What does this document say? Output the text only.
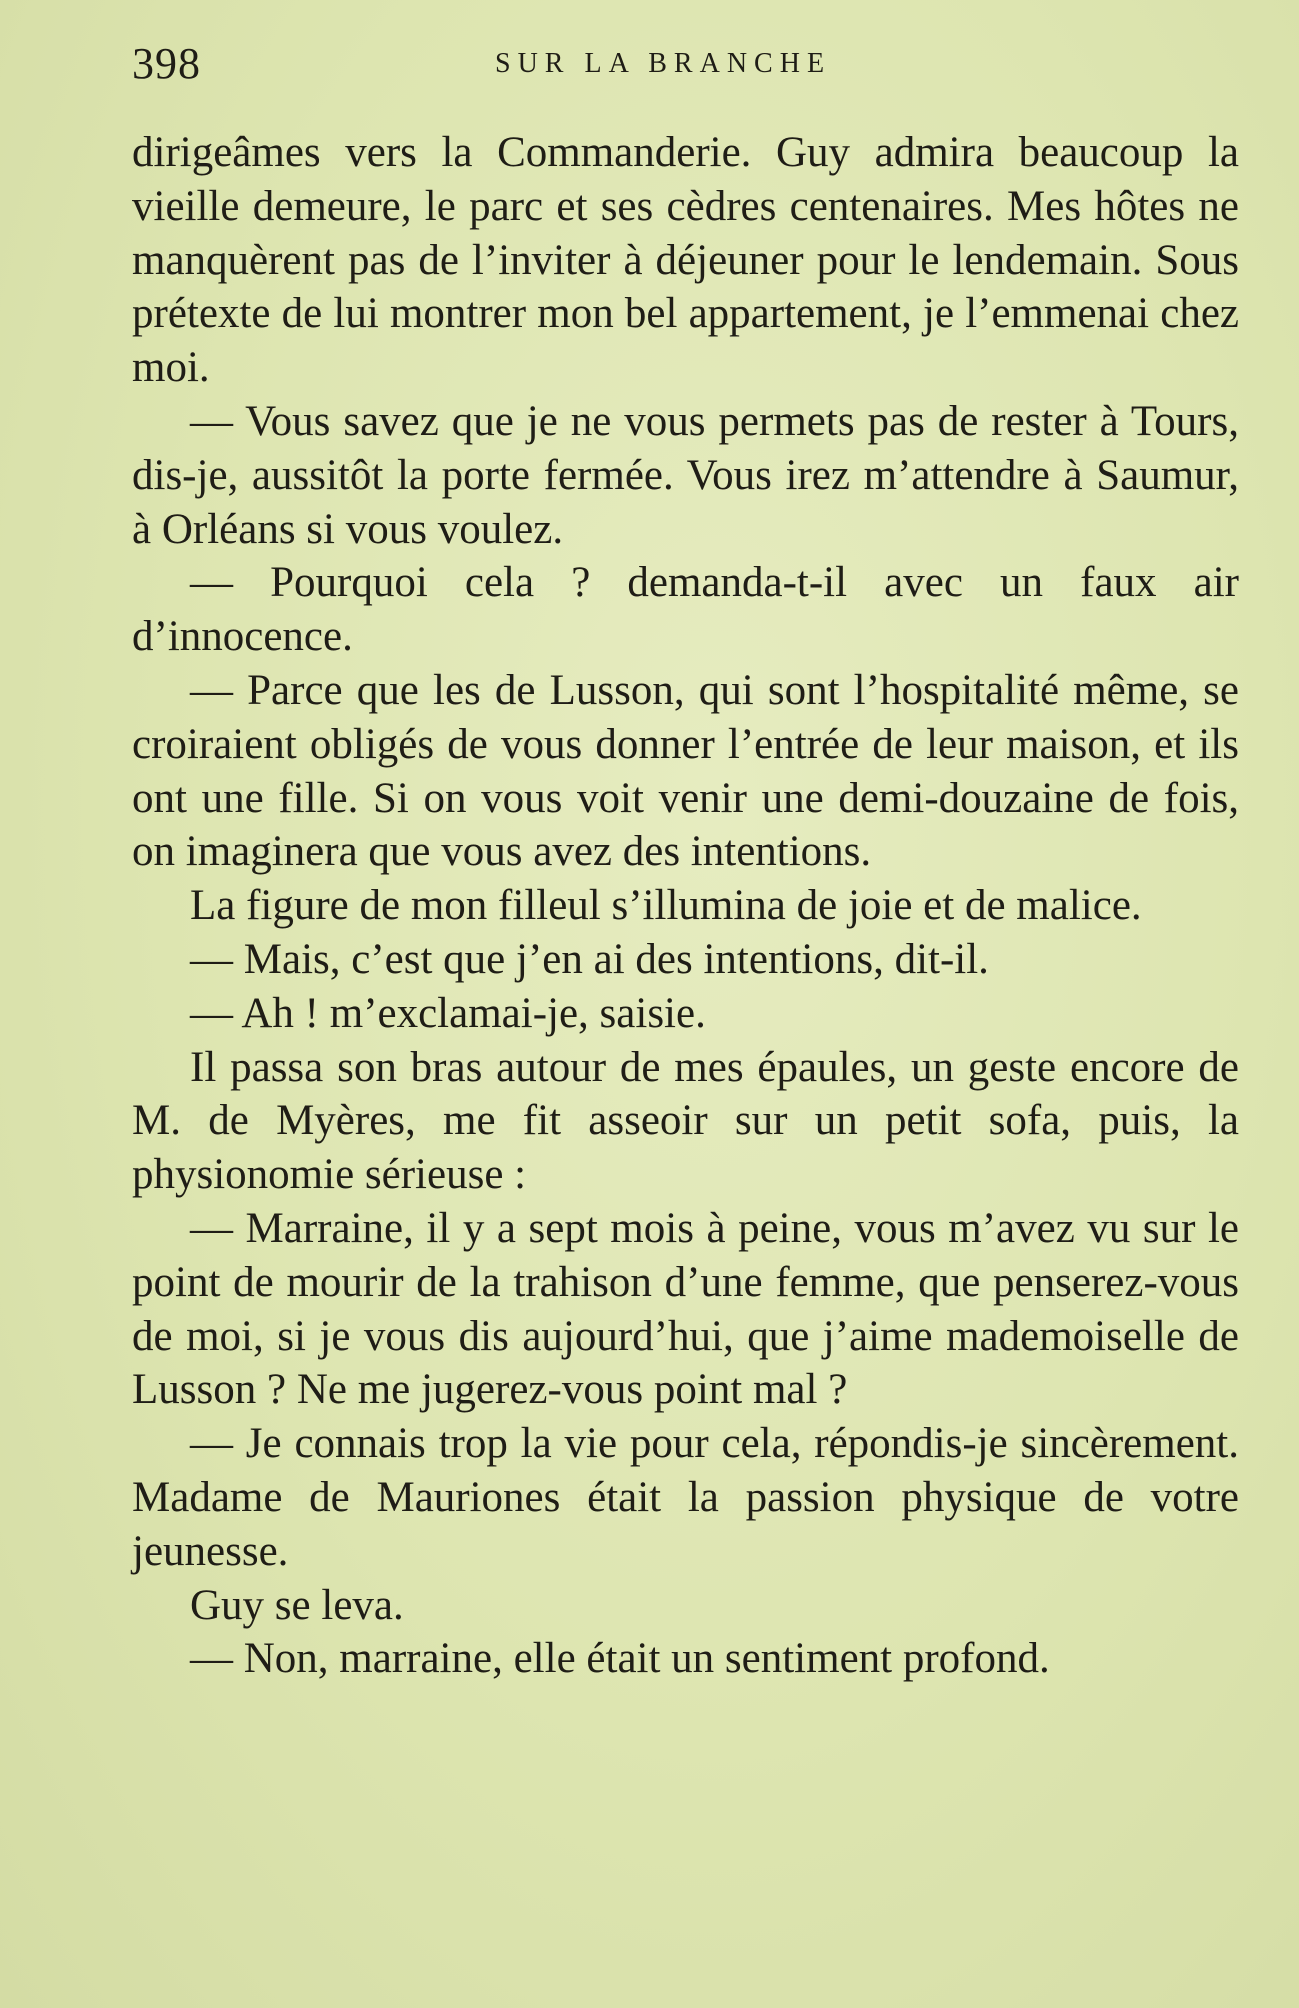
398	SUR LA BRANCHE

dirigeâmes vers la Commanderie. Guy admira beaucoup la vieille demeure, le parc et ses cèdres centenaires. Mes hôtes ne manquèrent pas de l’inviter à déjeuner pour le lendemain. Sous prétexte de lui montrer mon bel appartement, je l’emmenai chez moi.

— Vous savez que je ne vous permets pas de rester à Tours, dis-je, aussitôt la porte fermée. Vous irez m’attendre à Saumur, à Orléans si vous voulez.

— Pourquoi cela ? demanda-t-il avec un faux air d’innocence.

— Parce que les de Lusson, qui sont l’hospitalité même, se croiraient obligés de vous donner l’entrée de leur maison, et ils ont une fille. Si on vous voit venir une demi-douzaine de fois, on imaginera que vous avez des intentions.

La figure de mon filleul s’illumina de joie et de malice.

— Mais, c’est que j’en ai des intentions, dit-il.

— Ah ! m’exclamai-je, saisie.

Il passa son bras autour de mes épaules, un geste encore de M. de Myères, me fit asseoir sur un petit sofa, puis, la physionomie sérieuse :

— Marraine, il y a sept mois à peine, vous m’avez vu sur le point de mourir de la trahison d’une femme, que penserez-vous de moi, si je vous dis aujourd’hui, que j’aime mademoiselle de Lusson ? Ne me jugerez-vous point mal ?

— Je connais trop la vie pour cela, répondis-je sincèrement. Madame de Mauriones était la passion physique de votre jeunesse.

Guy se leva.

— Non, marraine, elle était un sentiment profond.
